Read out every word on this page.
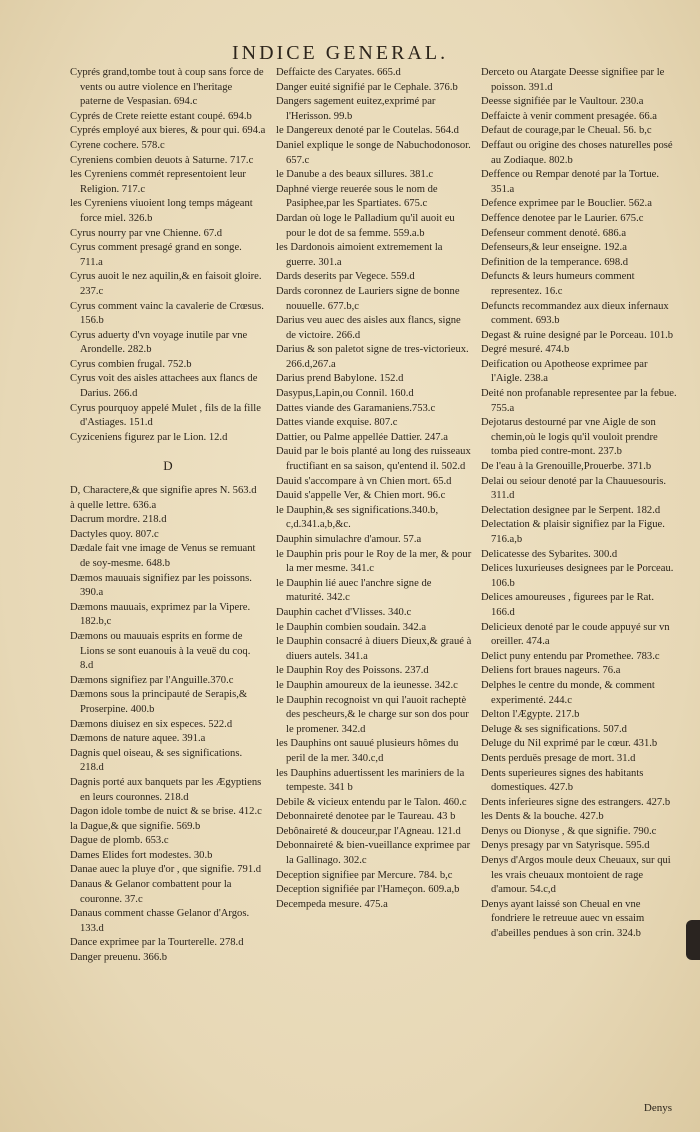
INDICE GENERAL.

Cyprés grand,tombe tout à coup sans force de vents ou autre violence en l'heritage paterne de Vespasian. 694.c

Cyprés de Crete reiette estant coupé. 694.b

Cyprés employé aux bieres, & pour qui. 694.a

Cyrene cochere. 578.c

Cyreniens combien deuots à Saturne. 717.c

les Cyreniens commét representoient leur Religion. 717.c

les Cyreniens viuoient long temps mágeant force miel. 326.b

Cyrus nourry par vne Chienne. 67.d

Cyrus comment presagé grand en songe. 711.a

Cyrus auoit le nez aquilin,& en faisoit gloire. 237.c

Cyrus comment vainc la cavalerie de Crœsus. 156.b

Cyrus aduerty d'vn voyage inutile par vne Arondelle. 282.b

Cyrus combien frugal. 752.b

Cyrus voit des aisles attachees aux flancs de Darius. 266.d

Cyrus pourquoy appelé Mulet , fils de la fille d'Astiages. 151.d

Cyziceniens figurez par le Lion. 12.d

D

D, Charactere,& que signifie apres N. 563.d

à quelle lettre. 636.a

Dacrum mordre. 218.d

Dactyles quoy. 807.c

Dædale fait vne image de Venus se remuant de soy-mesme. 648.b

Dæmos mauuais signifiez par les poissons. 390.a

Dæmons mauuais, exprimez par la Vipere. 182.b,c

Dæmons ou mauuais esprits en forme de Lions se sont euanouis à la veuë du coq. 8.d

Dæmons signifiez par l'Anguille.370.c

Dæmons sous la principauté de Serapis,& Proserpine. 400.b

Dæmons diuisez en six especes. 522.d

Dæmons de nature aquee. 391.a

Dagnis quel oiseau, & ses significations. 218.d

Dagnis porté aux banquets par les Ægyptiens en leurs couronnes. 218.d

Dagon idole tombe de nuict & se brise. 412.c

la Dague,& que signifie. 569.b

Dague de plomb. 653.c

Dames Elides fort modestes. 30.b

Danae auec la pluye d'or , que signifie. 791.d

Danaus & Gelanor combattent pour la couronne. 37.c

Danaus comment chasse Gelanor d'Argos. 133.d

Dance exprimee par la Tourterelle. 278.d

Danger preuenu. 366.b

Deffaicte des Caryates. 665.d

Danger euité signifié par le Cephale. 376.b

Dangers sagement euitez,exprimé par l'Herisson. 99.b

le Dangereux denoté par le Coutelas. 564.d

Daniel explique le songe de Nabuchodonosor. 657.c

le Danube a des beaux sillures. 381.c

Daphné vierge reuerée sous le nom de Pasiphee,par les Spartiates. 675.c

Dardan où loge le Palladium qu'il auoit eu pour le dot de sa femme. 559.a.b

les Dardonois aimoient extremement la guerre. 301.a

Dards deserits par Vegece. 559.d

Dards coronnez de Lauriers signe de bonne nouuelle. 677.b,c

Darius veu auec des aisles aux flancs, signe de victoire. 266.d

Darius & son paletot signe de tres-victorieux. 266.d,267.a

Darius prend Babylone. 152.d

Dasypus,Lapin,ou Connil. 160.d

Dattes viande des Garamaniens.753.c

Dattes viande exquise. 807.c

Dattier, ou Palme appellée Dattier. 247.a

Dauid par le bois planté au long des ruisseaux fructifiant en sa saison, qu'entend il. 502.d

Dauid s'accompare à vn Chien mort. 65.d

Dauid s'appelle Ver, & Chien mort. 96.c

le Dauphin,& ses significations.340.b, c,d.341.a,b,&c.

Dauphin simulachre d'amour. 57.a

le Dauphin pris pour le Roy de la mer, & pour la mer mesme. 341.c

le Dauphin lié auec l'anchre signe de maturité. 342.c

Dauphin cachet d'Vlisses. 340.c

le Dauphin combien soudain. 342.a

le Dauphin consacré à diuers Dieux,& graué à diuers autels. 341.a

le Dauphin Roy des Poissons. 237.d

le Dauphin amoureux de la ieunesse. 342.c

le Dauphin recognoist vn qui l'auoit racheptè des pescheurs,& le charge sur son dos pour le promener. 342.d

les Dauphins ont sauué plusieurs hômes du peril de la mer. 340.c,d

les Dauphins aduertissent les mariniers de la tempeste. 341 b

Debile & vicieux entendu par le Talon. 460.c

Debonnaireté denotee par le Taureau. 43 b

Debônaireté & douceur,par l'Agneau. 121.d

Debonnaireté & bien-vueillance exprimee par la Gallinago. 302.c

Deception signifiee par Mercure. 784. b,c

Deception signifiée par l'Hameçon. 609.a,b

Decempeda mesure. 475.a

Derceto ou Atargate Deesse signifiee par le poisson. 391.d

Deesse signifiée par le Vaultour. 230.a

Deffaicte à venir comment presagée. 66.a

Defaut de courage,par le Cheual. 56. b,c

Deffaut ou origine des choses naturelles posé au Zodiaque. 802.b

Deffence ou Rempar denoté par la Tortue. 351.a

Defence exprimee par le Bouclier. 562.a

Deffence denotee par le Laurier. 675.c

Defenseur comment denoté. 686.a

Defenseurs,& leur enseigne. 192.a

Definition de la temperance. 698.d

Defuncts & leurs humeurs comment representez. 16.c

Defuncts recommandez aux dieux infernaux comment. 693.b

Degast & ruine designé par le Porceau. 101.b

Degré mesuré. 474.b

Deification ou Apotheose exprimee par l'Aigle. 238.a

Deité non profanable representee par la febue. 755.a

Dejotarus destourné par vne Aigle de son chemin,où le logis qu'il vouloit prendre tomba pied contre-mont. 237.b

De l'eau à la Grenouille,Prouerbe. 371.b

Delai ou seiour denoté par la Chauuesouris. 311.d

Delectation designee par le Serpent. 182.d

Delectation & plaisir signifiez par la Figue. 716.a,b

Delicatesse des Sybarites. 300.d

Delices luxurieuses designees par le Porceau. 106.b

Delices amoureuses , figurees par le Rat. 166.d

Delicieux denoté par le coude appuyé sur vn oreiller. 474.a

Delict puny entendu par Promethee. 783.c

Deliens fort braues nageurs. 76.a

Delphes le centre du monde, & comment experimenté. 244.c

Delton l'Ægypte. 217.b

Deluge & ses significations. 507.d

Deluge du Nil exprimé par le cœur. 431.b

Dents perduës presage de mort. 31.d

Dents superieures signes des habitants domestiques. 427.b

Dents inferieures signe des estrangers. 427.b

les Dents & la bouche. 427.b

Denys ou Dionyse , & que signifie. 790.c

Denys presagy par vn Satyrisque. 595.d

Denys d'Argos moule deux Cheuaux, sur qui les vrais cheuaux montoient de rage d'amour. 54.c,d

Denys ayant laissé son Cheual en vne fondriere le retreuue auec vn essaim d'abeilles pendues à son crin. 324.b

Denys
